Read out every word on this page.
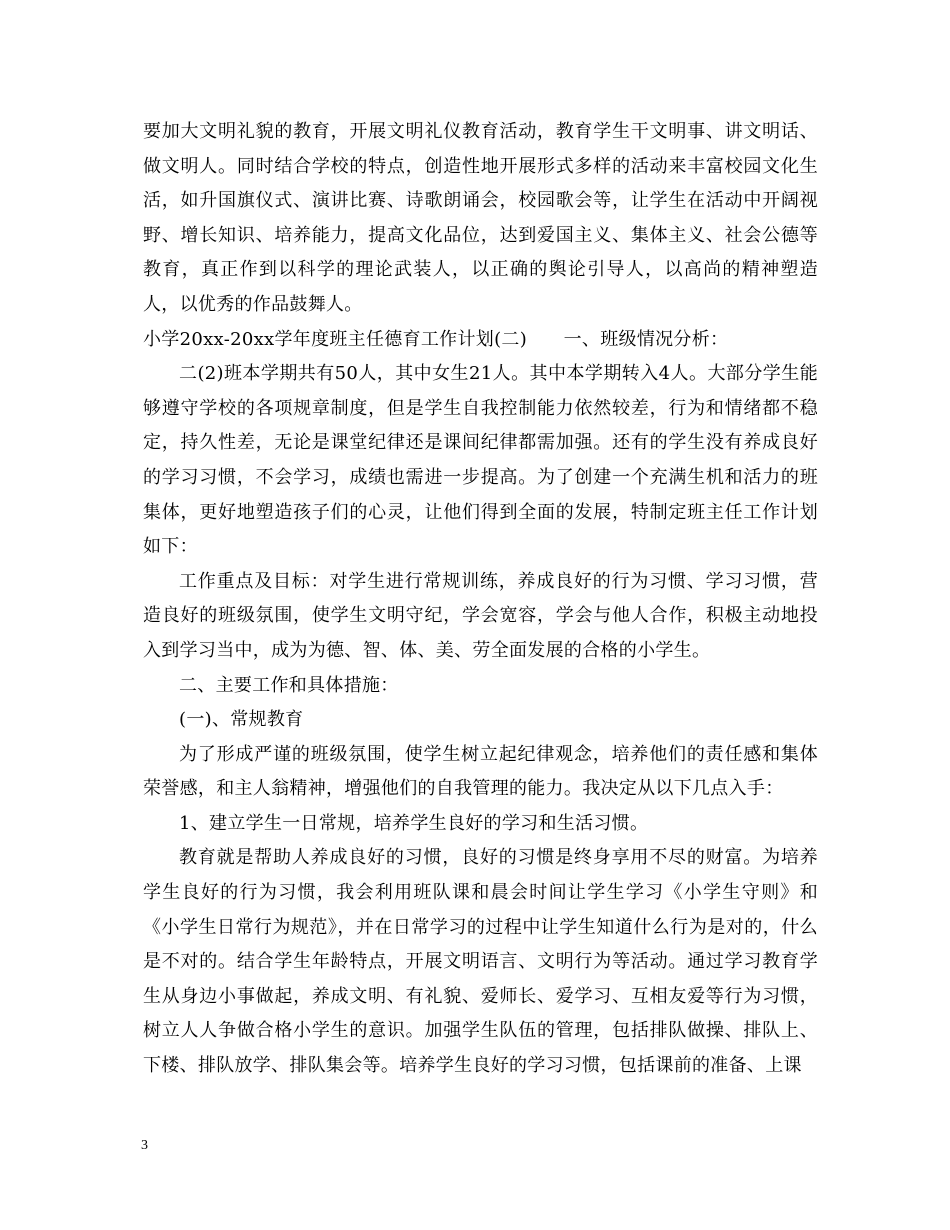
要加大文明礼貌的教育，开展文明礼仪教育活动，教育学生干文明事、讲文明话、做文明人。同时结合学校的特点，创造性地开展形式多样的活动来丰富校园文化生活，如升国旗仪式、演讲比赛、诗歌朗诵会，校园歌会等，让学生在活动中开阔视野、增长知识、培养能力，提高文化品位，达到爱国主义、集体主义、社会公德等教育，真正作到以科学的理论武装人，以正确的舆论引导人，以高尚的精神塑造人，以优秀的作品鼓舞人。

小学20xx-20xx学年度班主任德育工作计划(二)　　一、班级情况分析：

二(2)班本学期共有50人，其中女生21人。其中本学期转入4人。大部分学生能够遵守学校的各项规章制度，但是学生自我控制能力依然较差，行为和情绪都不稳定，持久性差，无论是课堂纪律还是课间纪律都需加强。还有的学生没有养成良好的学习习惯，不会学习，成绩也需进一步提高。为了创建一个充满生机和活力的班集体，更好地塑造孩子们的心灵，让他们得到全面的发展，特制定班主任工作计划如下：

工作重点及目标：对学生进行常规训练，养成良好的行为习惯、学习习惯，营造良好的班级氛围，使学生文明守纪，学会宽容，学会与他人合作，积极主动地投入到学习当中，成为为德、智、体、美、劳全面发展的合格的小学生。

二、主要工作和具体措施：

(一)、常规教育

为了形成严谨的班级氛围，使学生树立起纪律观念，培养他们的责任感和集体荣誉感，和主人翁精神，增强他们的自我管理的能力。我决定从以下几点入手：

1、建立学生一日常规，培养学生良好的学习和生活习惯。

教育就是帮助人养成良好的习惯，良好的习惯是终身享用不尽的财富。为培养学生良好的行为习惯，我会利用班队课和晨会时间让学生学习《小学生守则》和《小学生日常行为规范》，并在日常学习的过程中让学生知道什么行为是对的，什么是不对的。结合学生年龄特点，开展文明语言、文明行为等活动。通过学习教育学生从身边小事做起，养成文明、有礼貌、爱师长、爱学习、互相友爱等行为习惯，树立人人争做合格小学生的意识。加强学生队伍的管理，包括排队做操、排队上、下楼、排队放学、排队集会等。培养学生良好的学习习惯，包括课前的准备、上课

3
